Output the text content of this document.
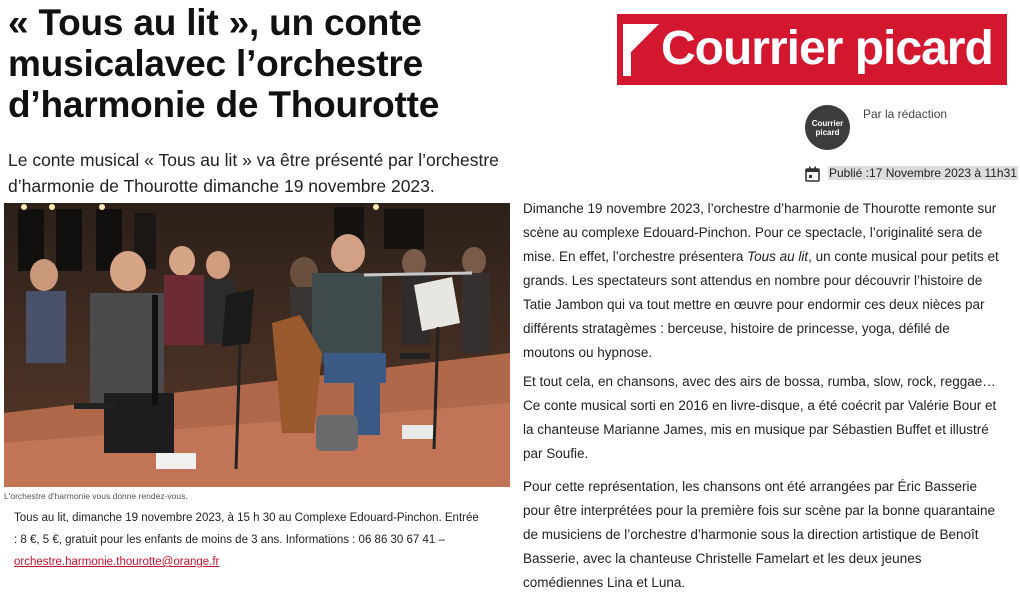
« Tous au lit », un conte musicalavec l’orchestre d’harmonie de Thourotte

Le conte musical « Tous au lit » va être présenté par l’orchestre d’harmonie de Thourotte dimanche 19 novembre 2023.

L'orchestre d'harmonie vous donne rendez-vous.

Tous au lit, dimanche 19 novembre 2023, à 15 h 30 au Complexe Edouard-Pinchon. Entrée : 8 €, 5 €, gratuit pour les enfants de moins de 3 ans. Informations : 06 86 30 67 41 – orchestre.harmonie.thourotte@orange.fr

Courrier picard
Courrier
picard

Par la rédaction

Publié :17 Novembre 2023 à 11h31

Dimanche 19 novembre 2023, l’orchestre d’harmonie de Thourotte remonte sur scène au complexe Edouard-Pinchon. Pour ce spectacle, l’originalité sera de mise. En effet, l’orchestre présentera Tous au lit, un conte musical pour petits et grands. Les spectateurs sont attendus en nombre pour découvrir l’histoire de Tatie Jambon qui va tout mettre en œuvre pour endormir ces deux nièces par différents stratagèmes : berceuse, histoire de princesse, yoga, défilé de moutons ou hypnose.

Et tout cela, en chansons, avec des airs de bossa, rumba, slow, rock, reggae… Ce conte musical sorti en 2016 en livre-disque, a été coécrit par Valérie Bour et la chanteuse Marianne James, mis en musique par Sébastien Buffet et illustré par Soufie.

Pour cette représentation, les chansons ont été arrangées par Éric Basserie pour être interprétées pour la première fois sur scène par la bonne quarantaine de musiciens de l’orchestre d’harmonie sous la direction artistique de Benoît Basserie, avec la chanteuse Christelle Famelart et les deux jeunes comédiennes Lina et Luna.
